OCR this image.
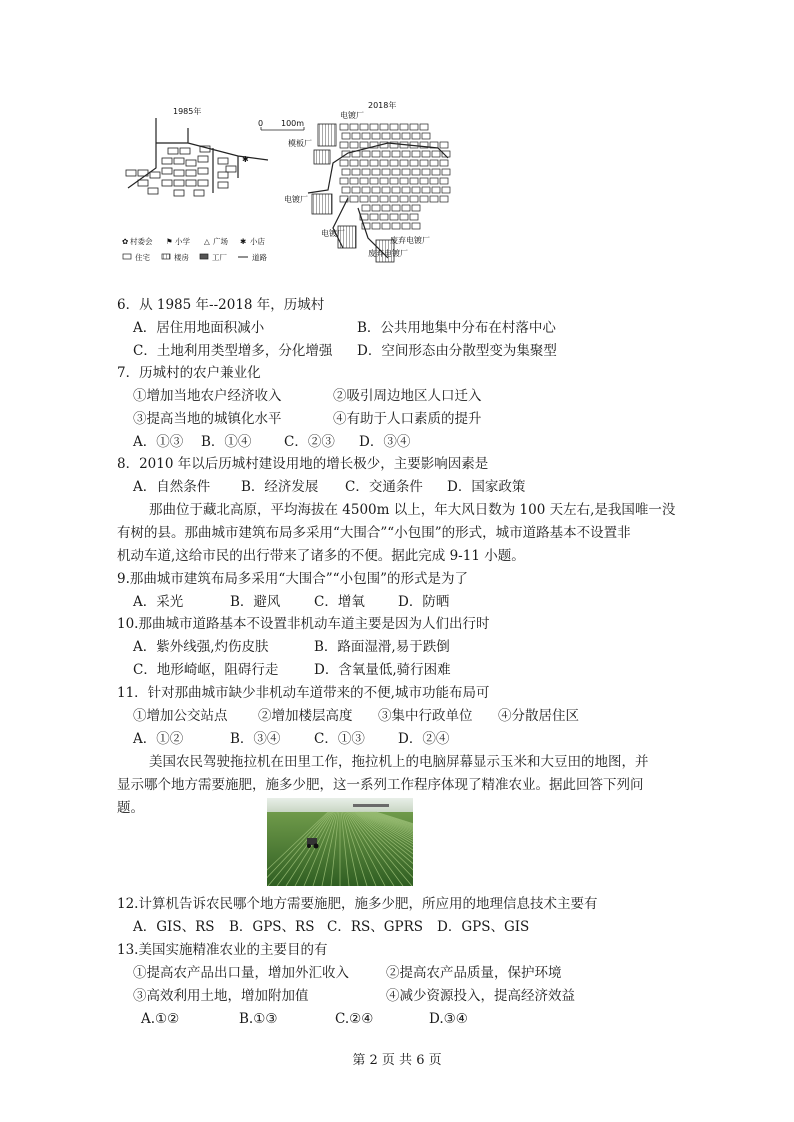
1985年
✱
0 100m
2018年
电镀厂
模板厂
电镀厂
电镀厂
废弃电镀厂
废弃电镀厂
✿ 村委会 ⚑ 小学 △ 广场 ✱ 小店
住宅	楼房	工厂	道路
6．从 1985 年--2018 年，历城村
A．居住用地面积减小	B．公共用地集中分布在村落中心
C．土地利用类型增多，分化增强 D．空间形态由分散型变为集聚型
7．历城村的农户兼业化
①增加当地农户经济收入	②吸引周边地区人口迁入
③提高当地的城镇化水平	④有助于人口素质的提升
A．①③ B．①④ C．②③ D．③④
8．2010 年以后历城村建设用地的增长极少，主要影响因素是
A．自然条件 B．经济发展 C．交通条件 D．国家政策
那曲位于藏北高原，平均海拔在 4500m 以上，年大风日数为 100 天左右,是我国唯一没
有树的县。那曲城市建筑布局多采用“大围合”“小包围”的形式，城市道路基本不设置非
机动车道,这给市民的出行带来了诸多的不便。据此完成 9-11 小题。
9.那曲城市建筑布局多采用“大围合”“小包围”的形式是为了
A．采光	B．避风 C．增氧 D．防晒
10.那曲城市道路基本不设置非机动车道主要是因为人们出行时
A．紫外线强,灼伤皮肤	B．路面湿滑,易于跌倒
C．地形崎岖，阻碍行走	D．含氧量低,骑行困难
11．针对那曲城市缺少非机动车道带来的不便,城市功能布局可
①增加公交站点 ②增加楼层高度 ③集中行政单位 ④分散居住区
A．①②	B．③④ C．①③ D．②④
美国农民驾驶拖拉机在田里工作，拖拉机上的电脑屏幕显示玉米和大豆田的地图，并
显示哪个地方需要施肥，施多少肥，这一系列工作程序体现了精准农业。据此回答下列问
题。
12.计算机告诉农民哪个地方需要施肥，施多少肥，所应用的地理信息技术主要有
A．GIS、RS B．GPS、RS C．RS、GPRS D．GPS、GIS
13.美国实施精准农业的主要目的有
①提高农产品出口量，增加外汇收入	②提高农产品质量，保护环境
③高效利用土地，增加附加值	④减少资源投入，提高经济效益
A.①②	B.①③	C.②④	D.③④
第 2 页 共 6 页
